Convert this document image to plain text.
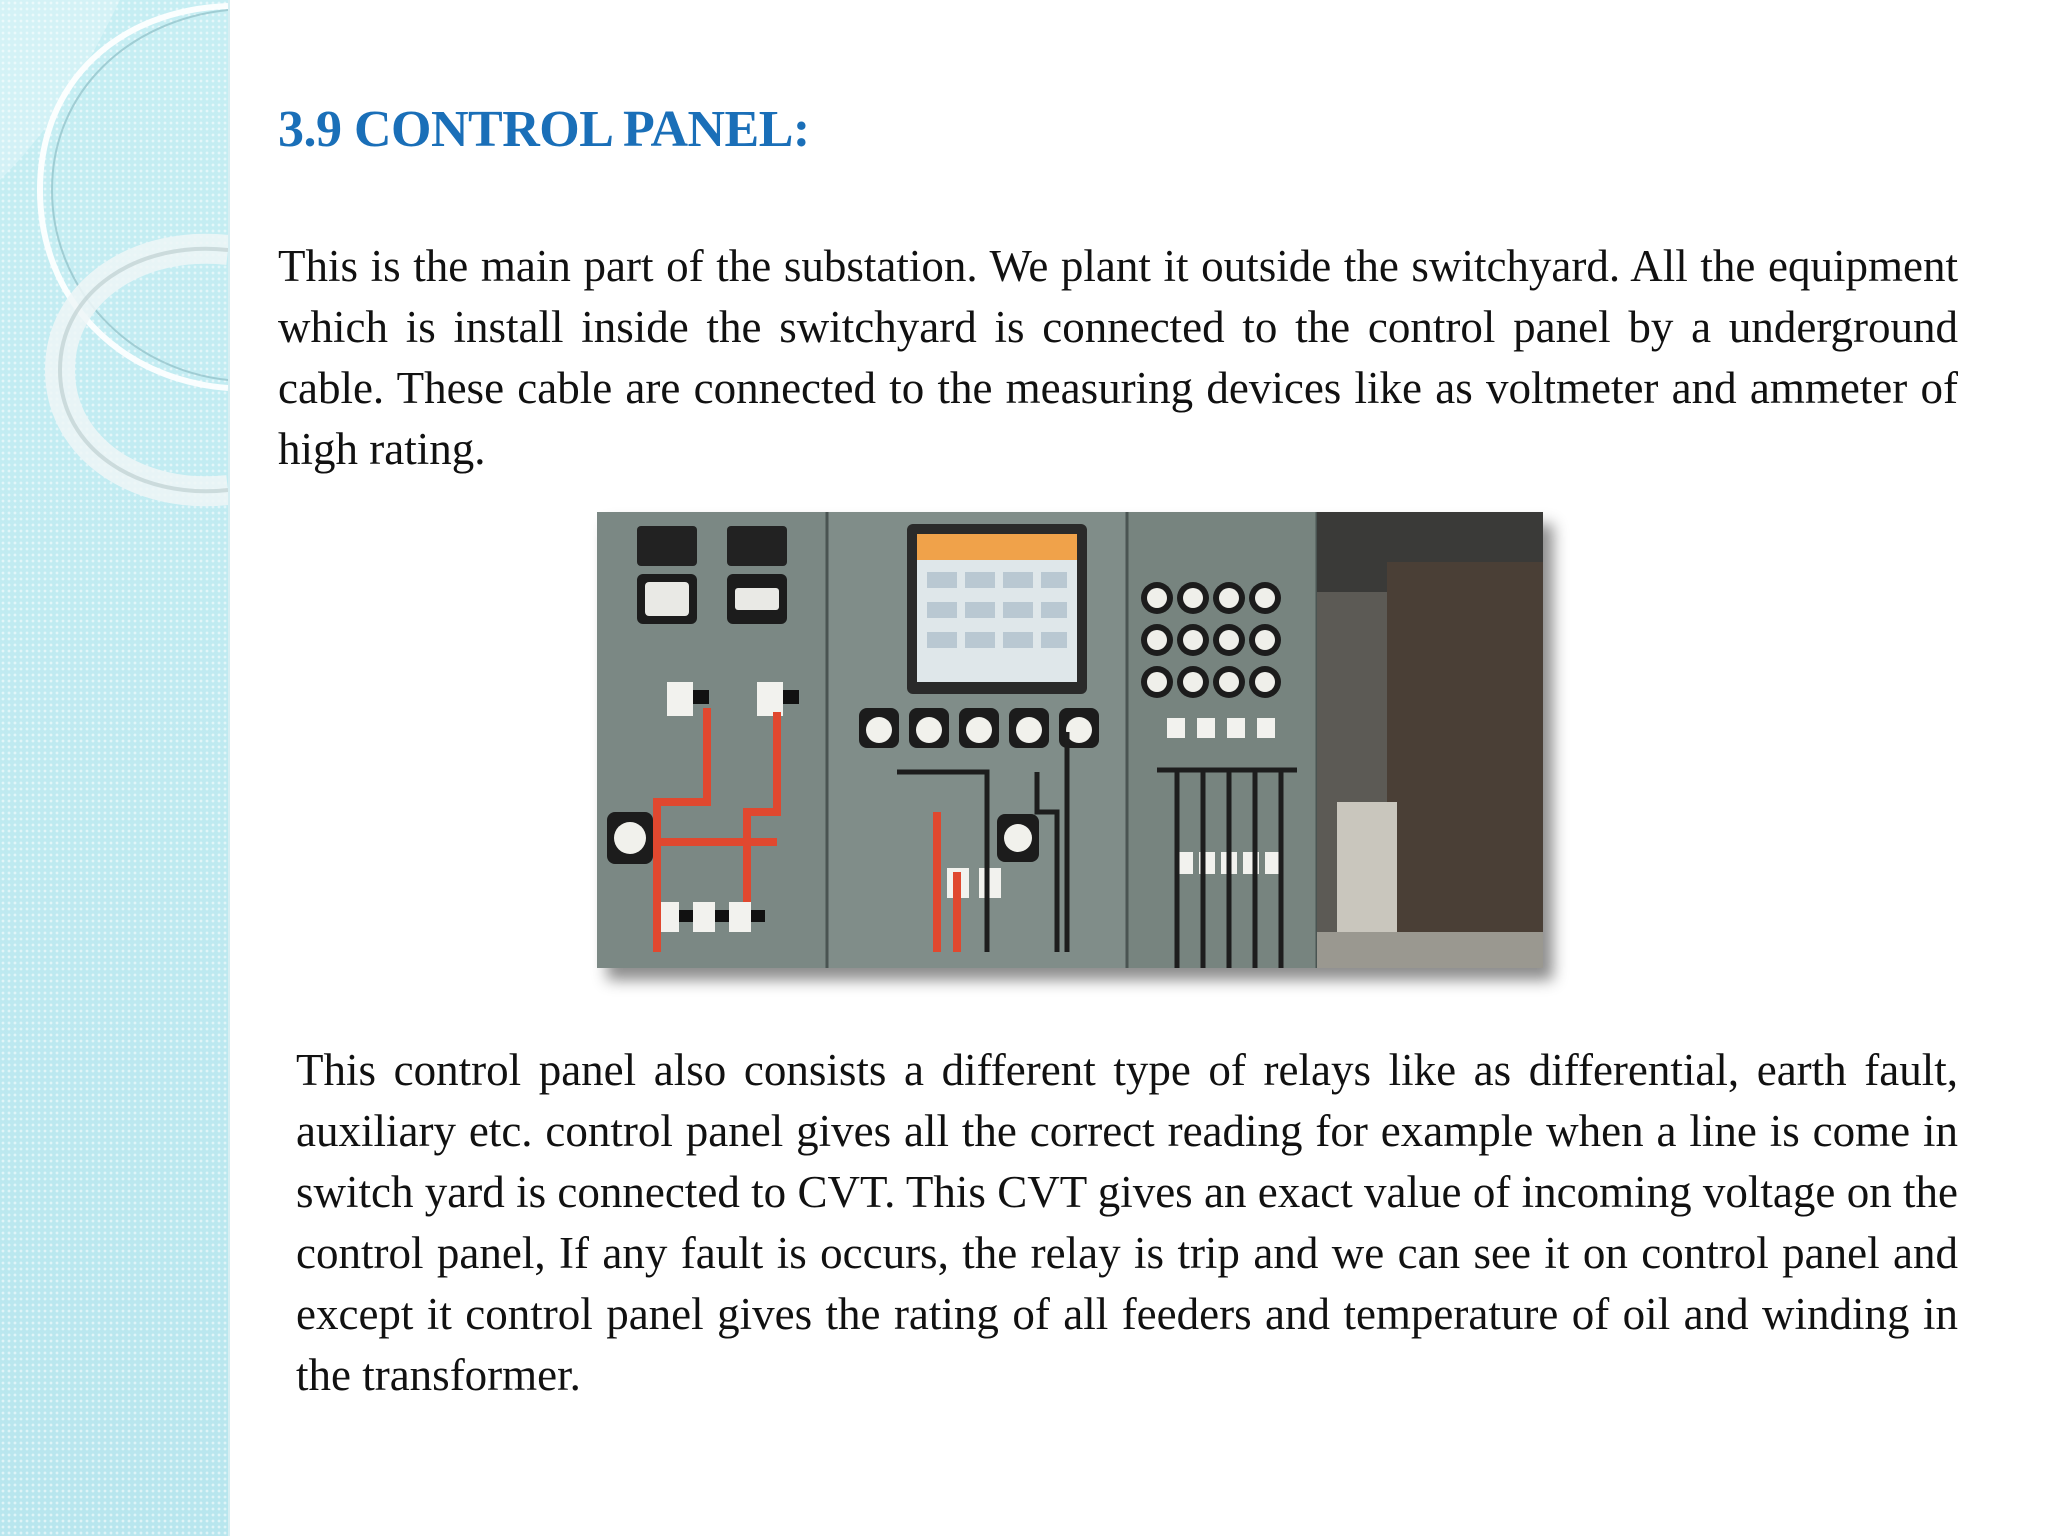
3.9 CONTROL PANEL:

This is the main part of the substation. We plant it outside the switchyard. All the equipment which is install inside the switchyard is connected to the control panel by a underground cable. These cable are connected to the measuring devices like as voltmeter and ammeter of high rating.

This control panel also consists a different type of relays like as differential, earth fault, auxiliary etc. control panel gives all the correct reading for example when a line is come in switch yard is connected to CVT. This CVT gives an exact value of incoming voltage on the control panel, If any fault is occurs, the relay is trip and we can see it on control panel and except it control panel gives the rating of all feeders and temperature of oil and winding in the transformer.
